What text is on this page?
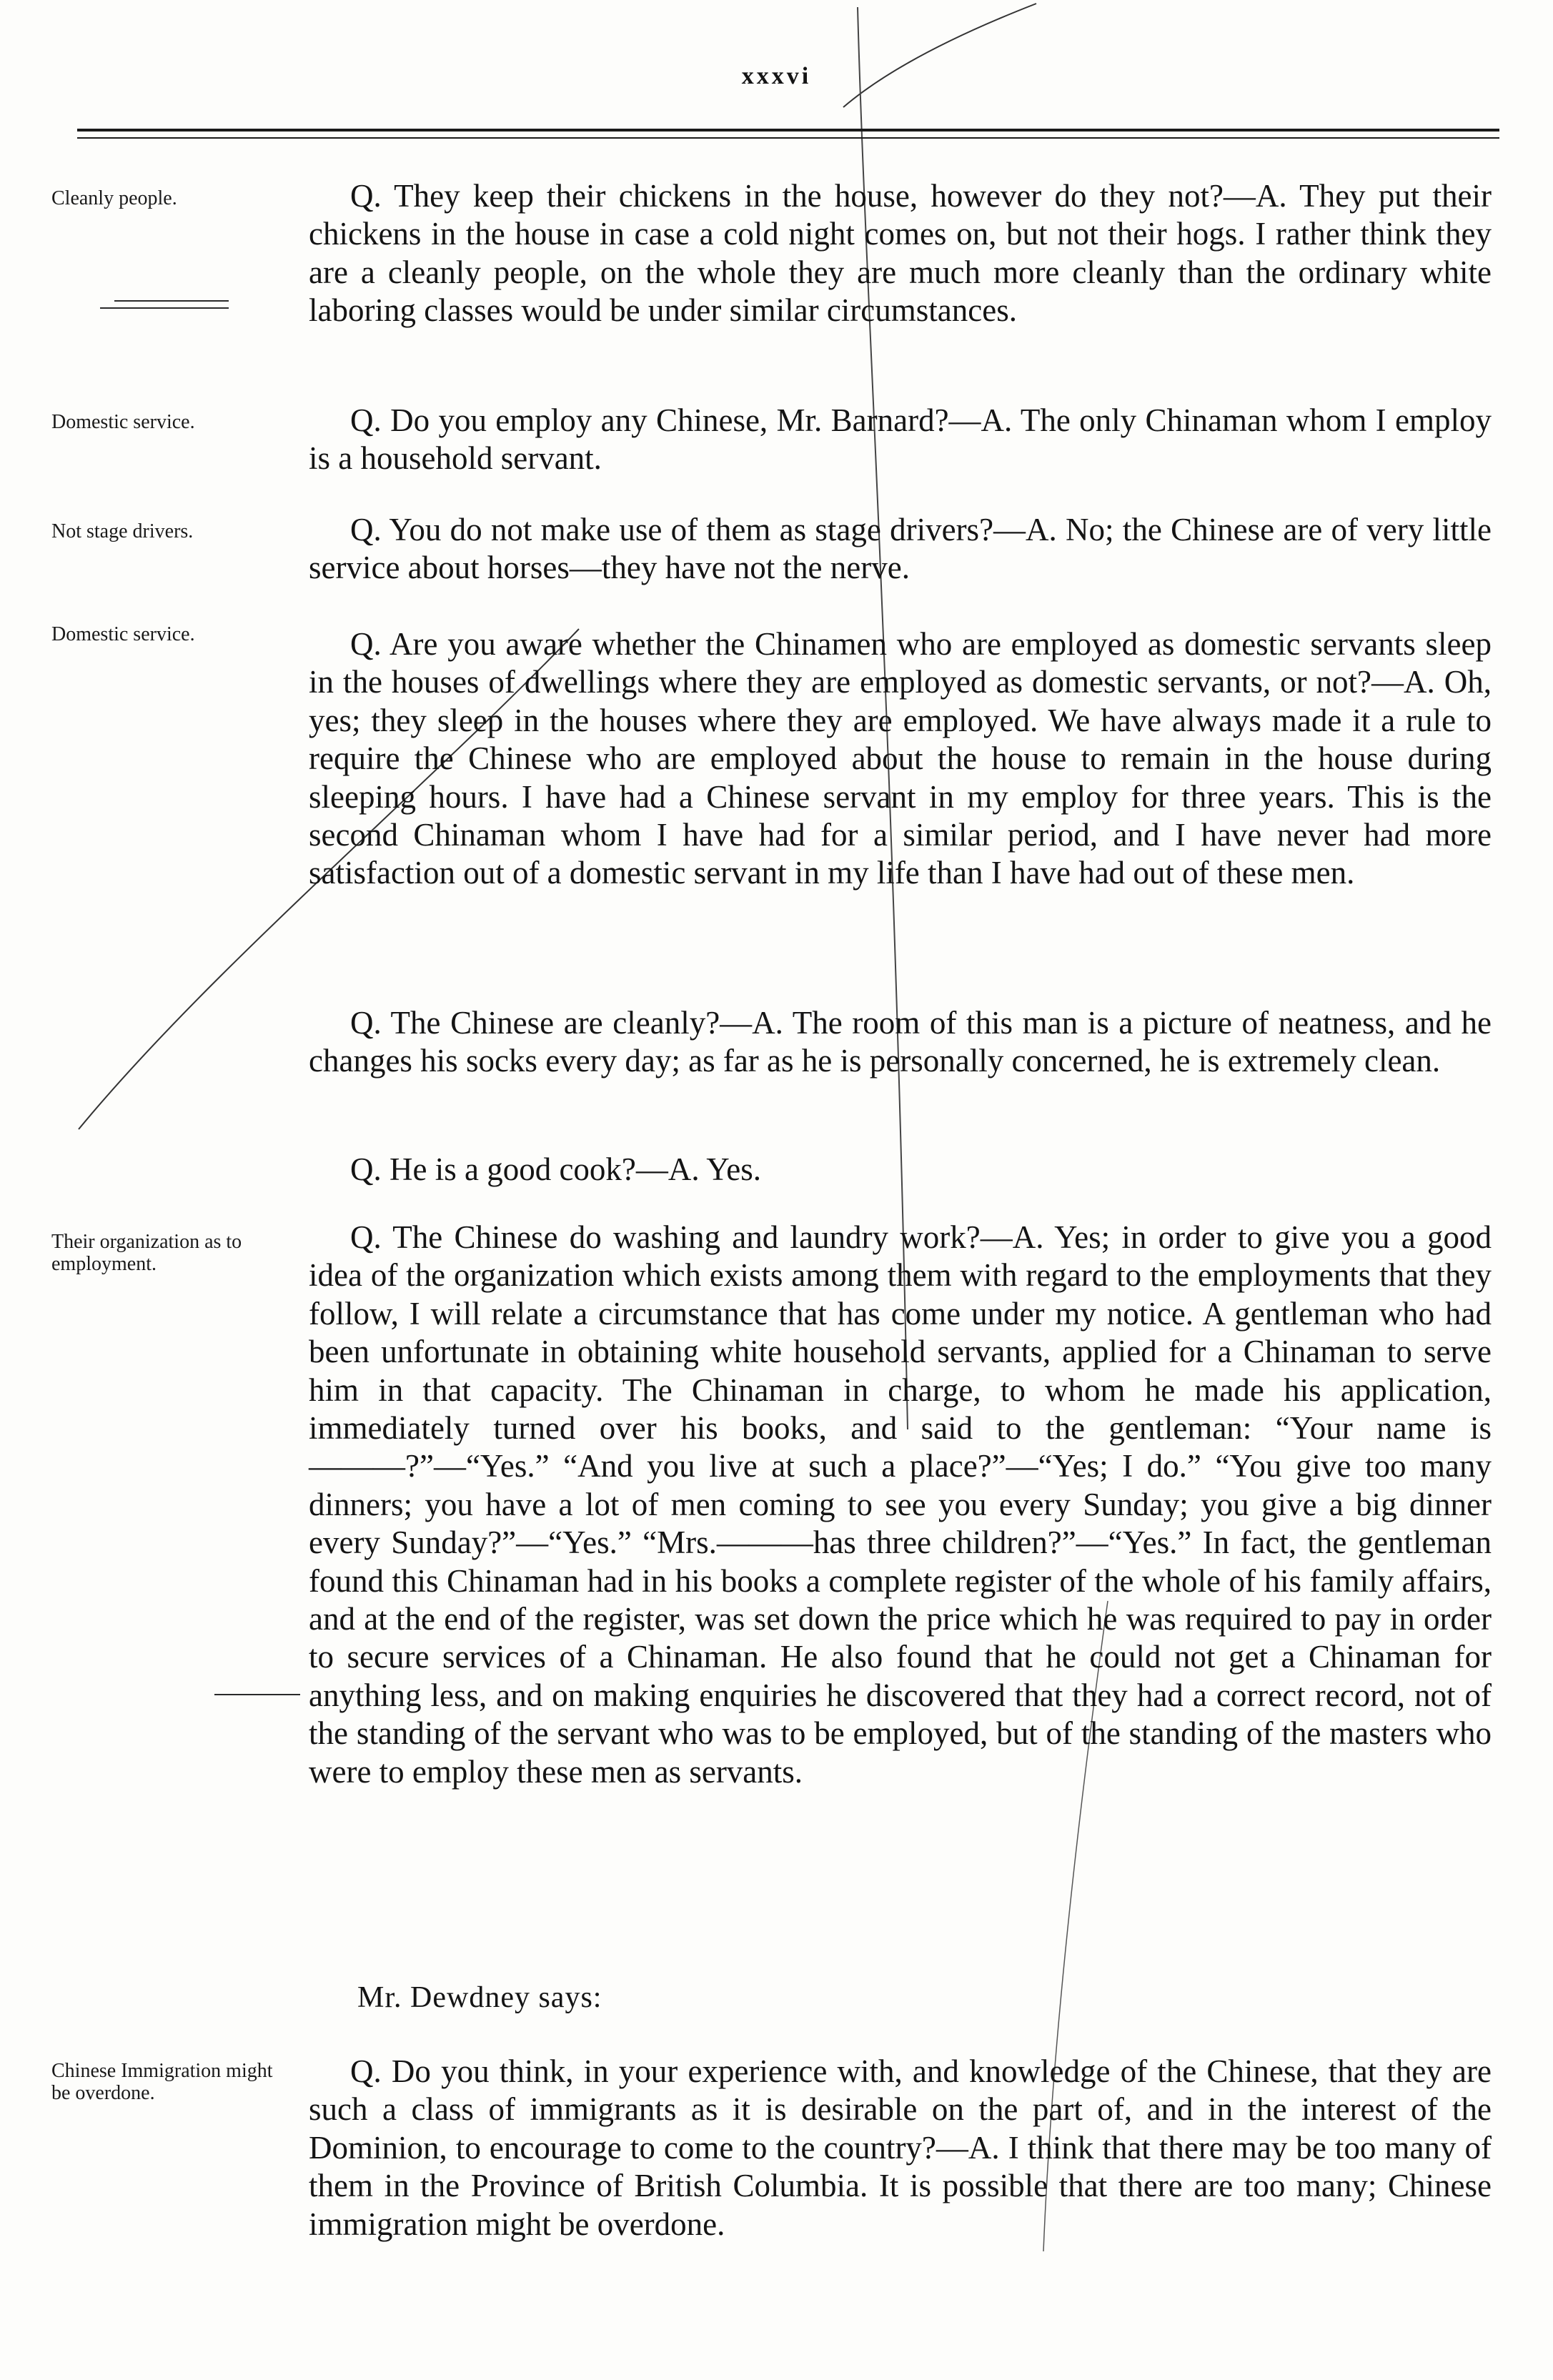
xxxvi
Cleanly people.	Q. They keep their chickens in the house, however do they not?—A. They put their chickens in the house in case a cold night comes on, but not their hogs. I rather think they are a cleanly people, on the whole they are much more cleanly than the ordinary white laboring classes would be under similar circumstances.
Domestic service.	Q. Do you employ any Chinese, Mr. Barnard?—A. The only Chinaman whom I employ is a household servant.
Not stage drivers.	Q. You do not make use of them as stage drivers?—A. No; the Chinese are of very little service about horses—they have not the nerve.
Domestic service.	Q. Are you aware whether the Chinamen who are employed as domestic servants sleep in the houses of dwellings where they are employed as domestic servants, or not?—A. Oh, yes; they sleep in the houses where they are employed. We have always made it a rule to require the Chinese who are employed about the house to remain in the house during sleeping hours. I have had a Chinese servant in my employ for three years. This is the second Chinaman whom I have had for a similar period, and I have never had more satisfaction out of a domestic servant in my life than I have had out of these men.
Q. The Chinese are cleanly?—A. The room of this man is a picture of neatness, and he changes his socks every day; as far as he is personally concerned, he is extremely clean.
Q. He is a good cook?—A. Yes.
Their organization as to employment.
Q. The Chinese do washing and laundry work?—A. Yes; in order to give you a good idea of the organization which exists among them with regard to the employments that they follow, I will relate a circumstance that has come under my notice. A gentleman who had been unfortunate in obtaining white household servants, applied for a Chinaman to serve him in that capacity. The Chinaman in charge, to whom he made his application, immediately turned over his books, and said to the gentleman: “Your name is———?”—“Yes.” “And you live at such a place?”—“Yes; I do.” “You give too many dinners; you have a lot of men coming to see you every Sunday; you give a big dinner every Sunday?”—“Yes.” “Mrs.———has three children?”—“Yes.” In fact, the gentleman found this Chinaman had in his books a complete register of the whole of his family affairs, and at the end of the register, was set down the price which he was required to pay in order to secure services of a Chinaman. He also found that he could not get a Chinaman for anything less, and on making enquiries he discovered that they had a correct record, not of the standing of the servant who was to be employed, but of the standing of the masters who were to employ these men as servants.
Mr. Dewdney says:
Chinese Immigration might be overdone.
Q. Do you think, in your experience with, and knowledge of the Chinese, that they are such a class of immigrants as it is desirable on the part of, and in the interest of the Dominion, to encourage to come to the country?—A. I think that there may be too many of them in the Province of British Columbia. It is possible that there are too many; Chinese immigration might be overdone.
